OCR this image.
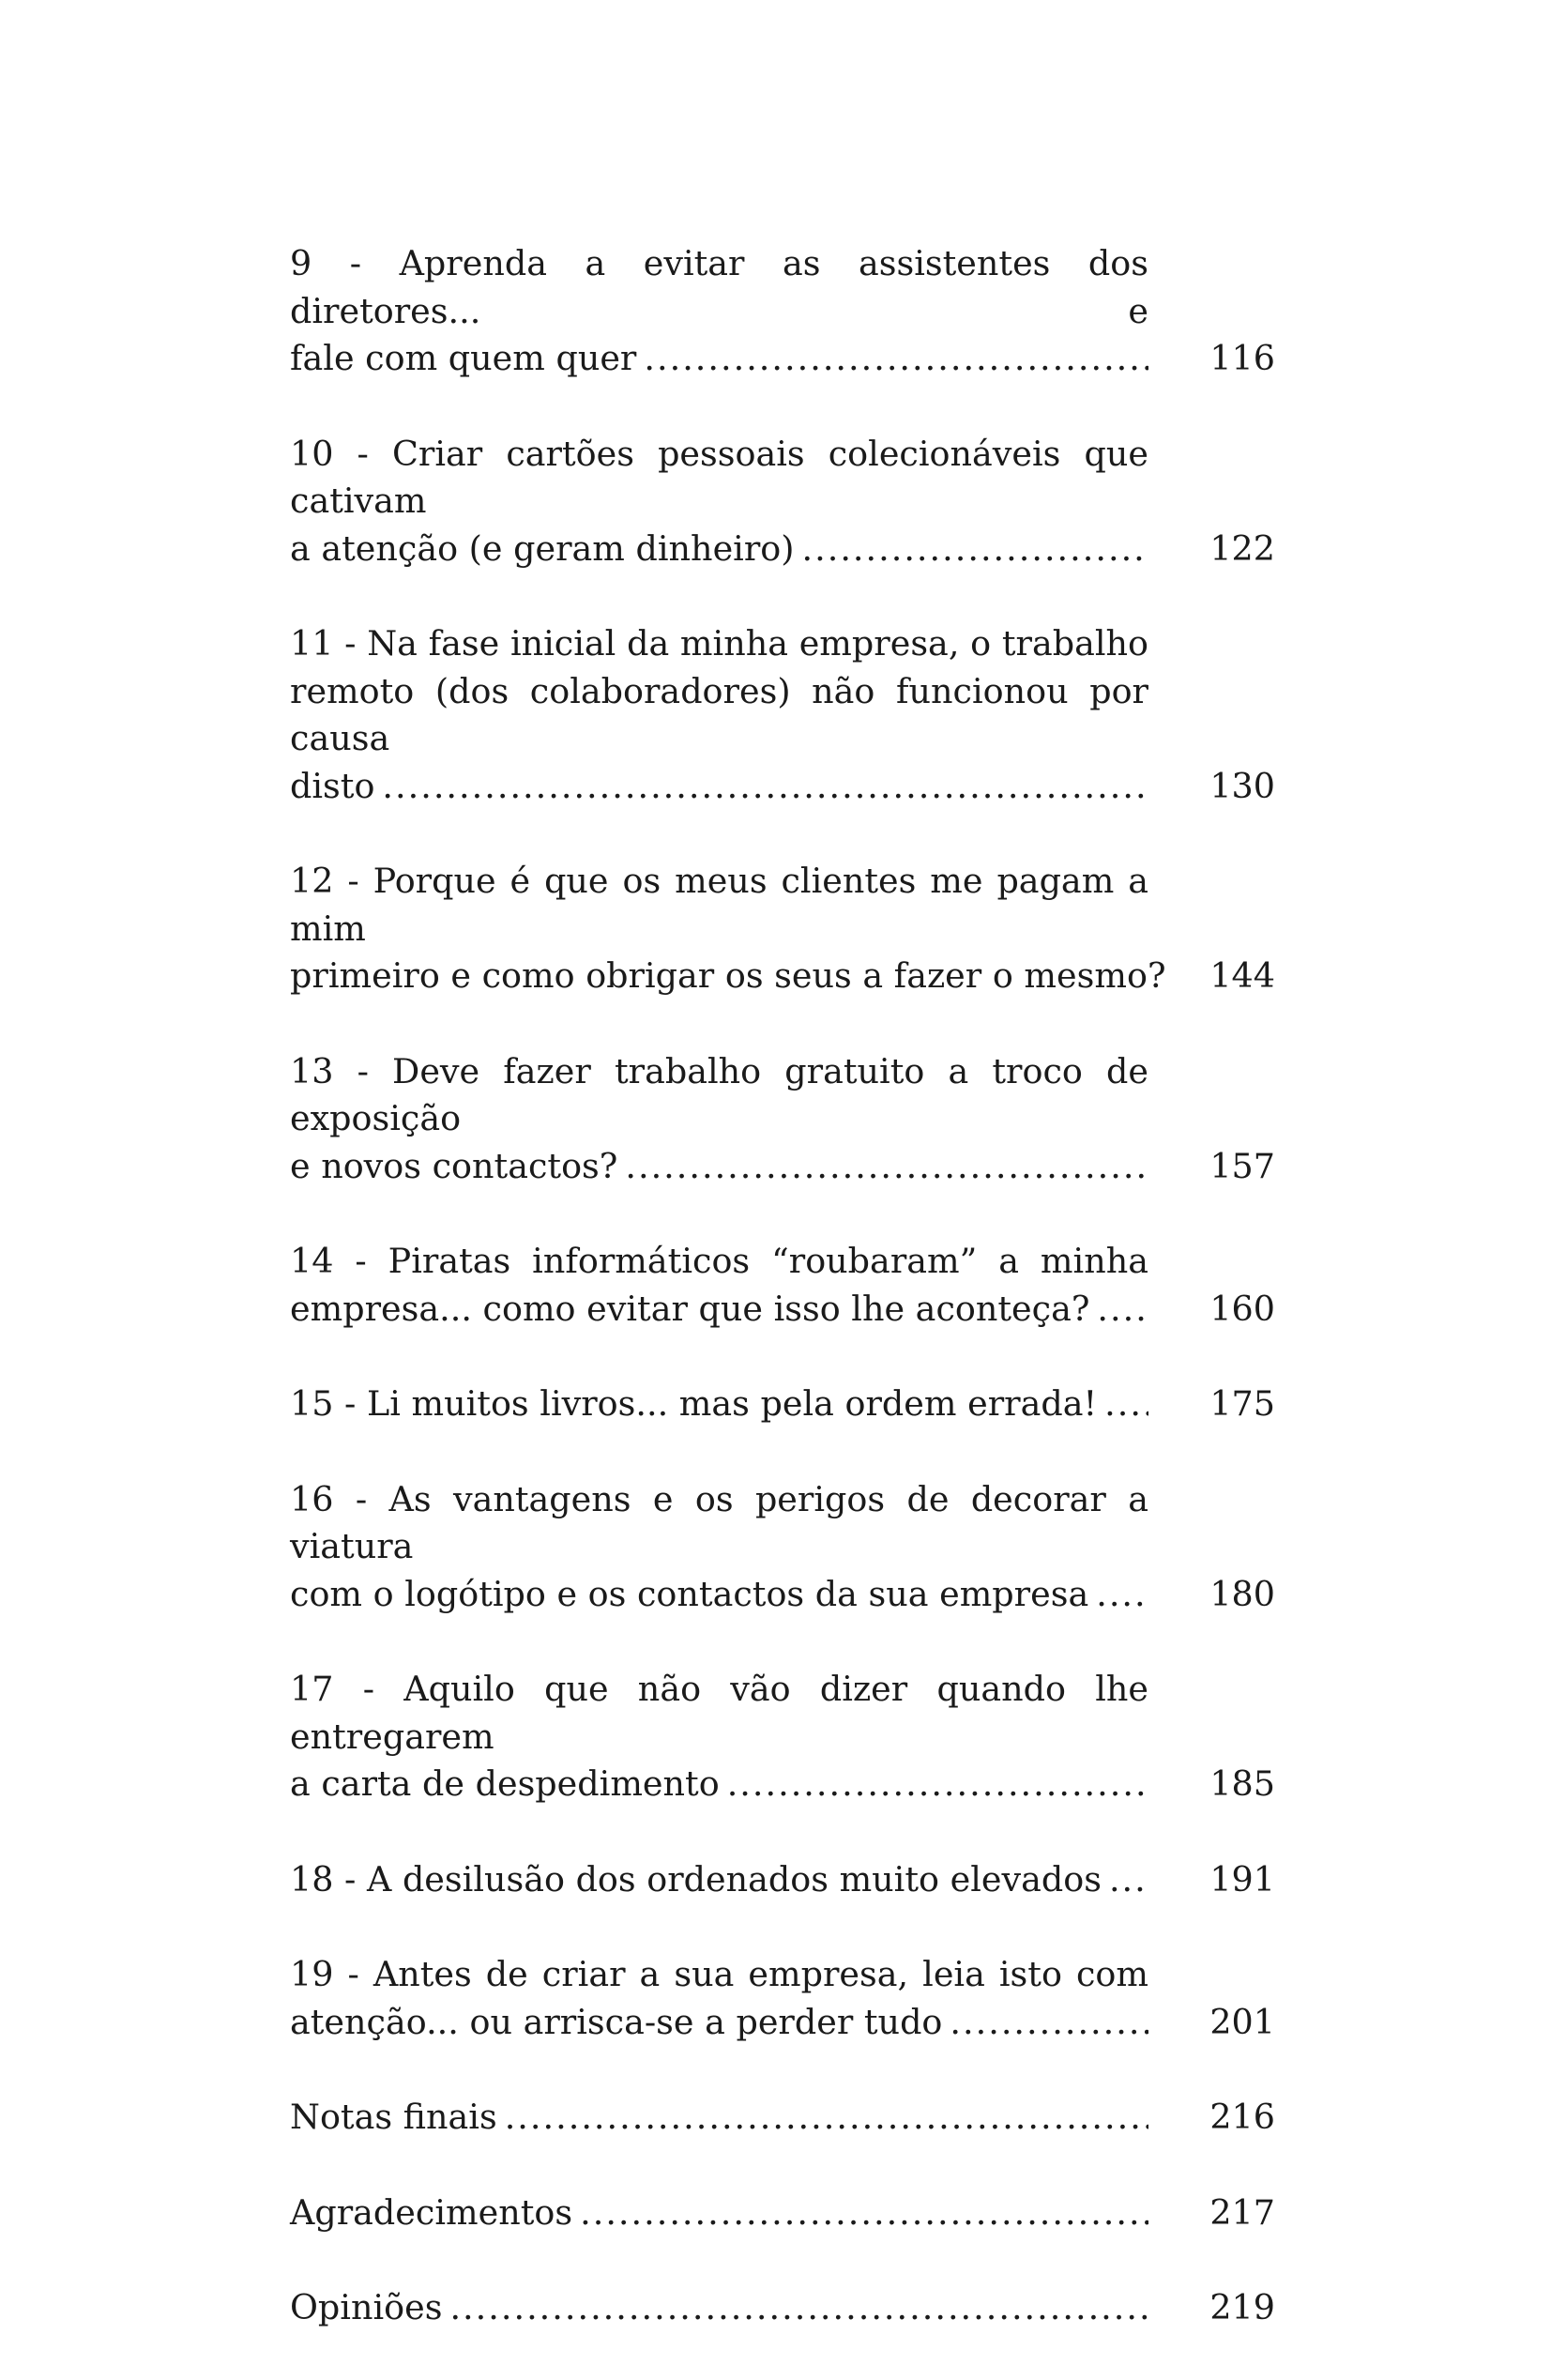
9 - Aprenda a evitar as assistentes dos diretores... e
fale com quem quer .....	116
10 - Criar cartões pessoais colecionáveis que cativam
a atenção (e geram dinheiro) .....	122
11 - Na fase inicial da minha empresa, o trabalho
remoto (dos colaboradores) não funcionou por causa
disto .....	130
12 - Porque é que os meus clientes me pagam a mim
primeiro e como obrigar os seus a fazer o mesmo?	144
13 - Deve fazer trabalho gratuito a troco de exposição
e novos contactos? .....	157
14 - Piratas informáticos “roubaram” a minha
empresa... como evitar que isso lhe aconteça? .....	160
15 - Li muitos livros... mas pela ordem errada! .....	175
16 - As vantagens e os perigos de decorar a viatura
com o logótipo e os contactos da sua empresa .....	180
17 - Aquilo que não vão dizer quando lhe entregarem
a carta de despedimento .....	185
18 - A desilusão dos ordenados muito elevados .....	191
19 - Antes de criar a sua empresa, leia isto com
atenção... ou arrisca-se a perder tudo .....	201
Notas finais .....	216
Agradecimentos .....	217
Opiniões .....	219
